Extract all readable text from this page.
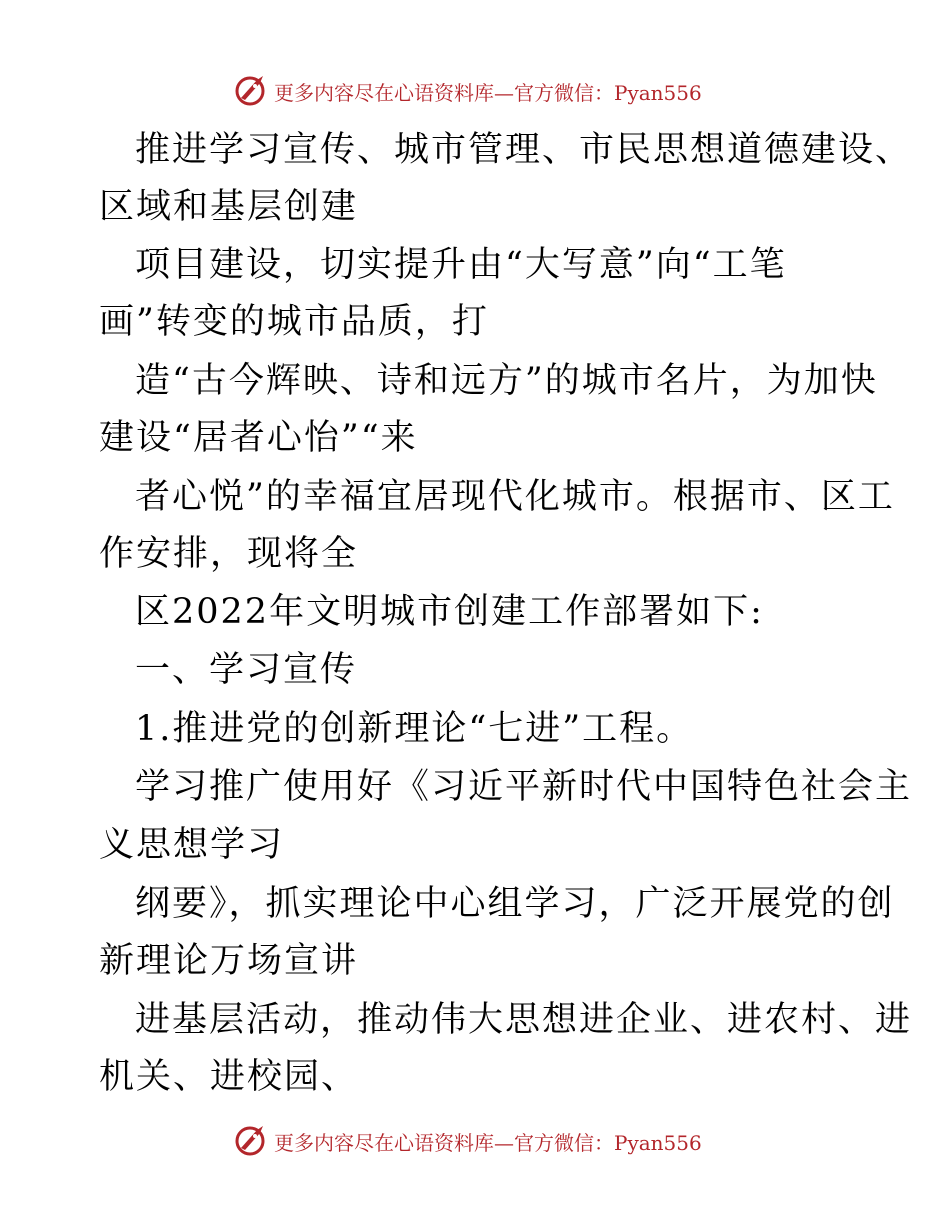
更多内容尽在心语资料库—官方微信：Pyan556
推进学习宣传、城市管理、市民思想道德建设、
区域和基层创建
项目建设，切实提升由“大写意”向“工笔
画”转变的城市品质，打
造“古今辉映、诗和远方”的城市名片，为加快
建设“居者心怡”“来
者心悦”的幸福宜居现代化城市。根据市、区工
作安排，现将全
区2022年文明城市创建工作部署如下:
一、学习宣传
1.推进党的创新理论“七进”工程。
学习推广使用好《习近平新时代中国特色社会主
义思想学习
纲要》，抓实理论中心组学习，广泛开展党的创
新理论万场宣讲
进基层活动，推动伟大思想进企业、进农村、进
机关、进校园、
更多内容尽在心语资料库—官方微信：Pyan556
